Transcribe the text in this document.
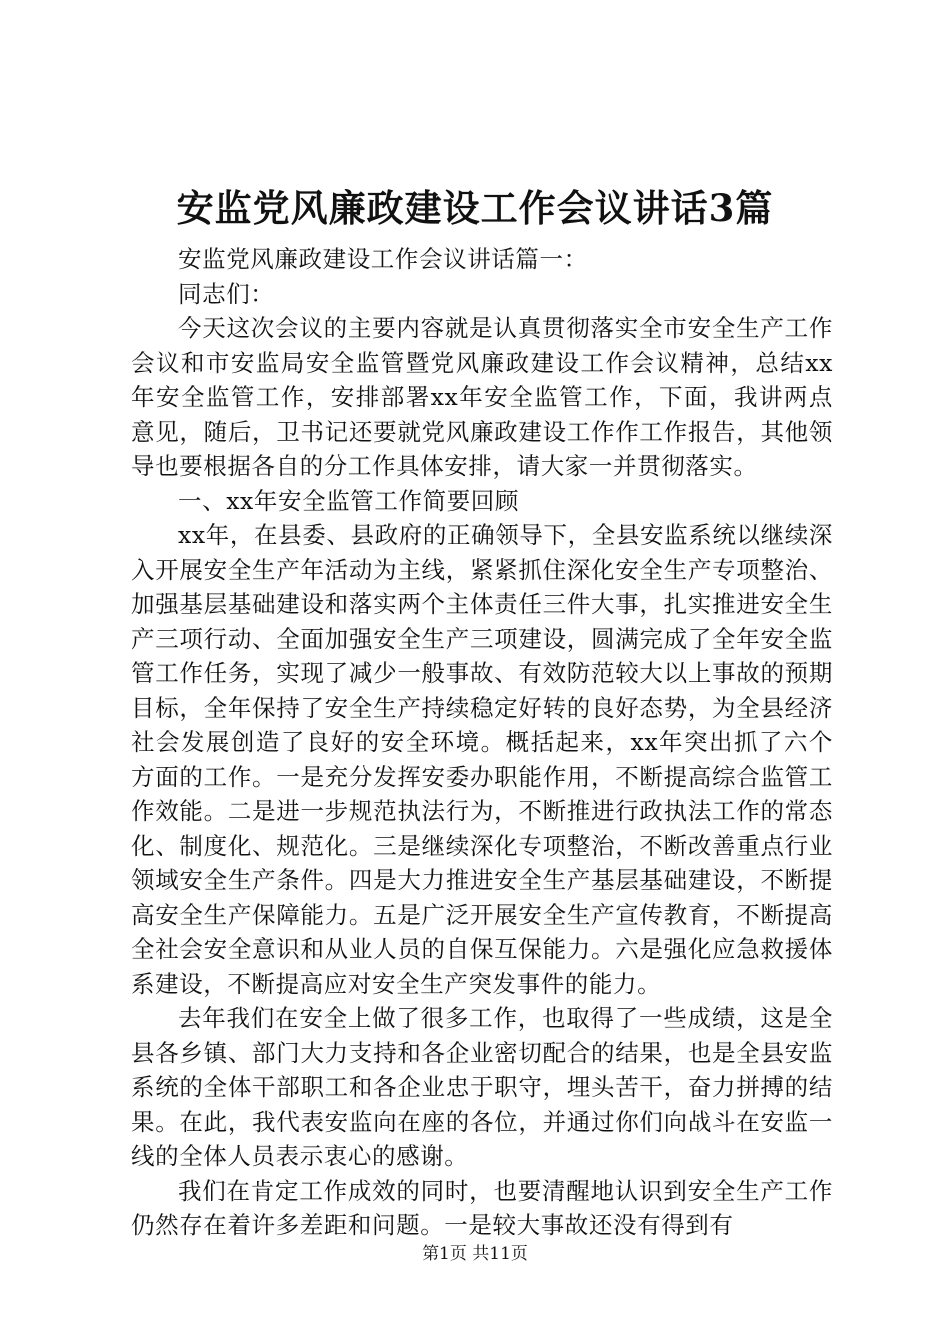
安监党风廉政建设工作会议讲话3篇

安监党风廉政建设工作会议讲话篇一：

同志们：

今天这次会议的主要内容就是认真贯彻落实全市安全生产工作会议和市安监局安全监管暨党风廉政建设工作会议精神，总结xx年安全监管工作，安排部署xx年安全监管工作，下面，我讲两点意见，随后，卫书记还要就党风廉政建设工作作工作报告，其他领导也要根据各自的分工作具体安排，请大家一并贯彻落实。

一、xx年安全监管工作简要回顾

xx年，在县委、县政府的正确领导下，全县安监系统以继续深入开展安全生产年活动为主线，紧紧抓住深化安全生产专项整治、加强基层基础建设和落实两个主体责任三件大事，扎实推进安全生产三项行动、全面加强安全生产三项建设，圆满完成了全年安全监管工作任务，实现了减少一般事故、有效防范较大以上事故的预期目标，全年保持了安全生产持续稳定好转的良好态势，为全县经济社会发展创造了良好的安全环境。概括起来，xx年突出抓了六个方面的工作。一是充分发挥安委办职能作用，不断提高综合监管工作效能。二是进一步规范执法行为，不断推进行政执法工作的常态化、制度化、规范化。三是继续深化专项整治，不断改善重点行业领域安全生产条件。四是大力推进安全生产基层基础建设，不断提高安全生产保障能力。五是广泛开展安全生产宣传教育，不断提高全社会安全意识和从业人员的自保互保能力。六是强化应急救援体系建设，不断提高应对安全生产突发事件的能力。

去年我们在安全上做了很多工作，也取得了一些成绩，这是全县各乡镇、部门大力支持和各企业密切配合的结果，也是全县安监系统的全体干部职工和各企业忠于职守，埋头苦干，奋力拼搏的结果。在此，我代表安监向在座的各位，并通过你们向战斗在安监一线的全体人员表示衷心的感谢。

我们在肯定工作成效的同时，也要清醒地认识到安全生产工作仍然存在着许多差距和问题。一是较大事故还没有得到有

第1页 共11页
